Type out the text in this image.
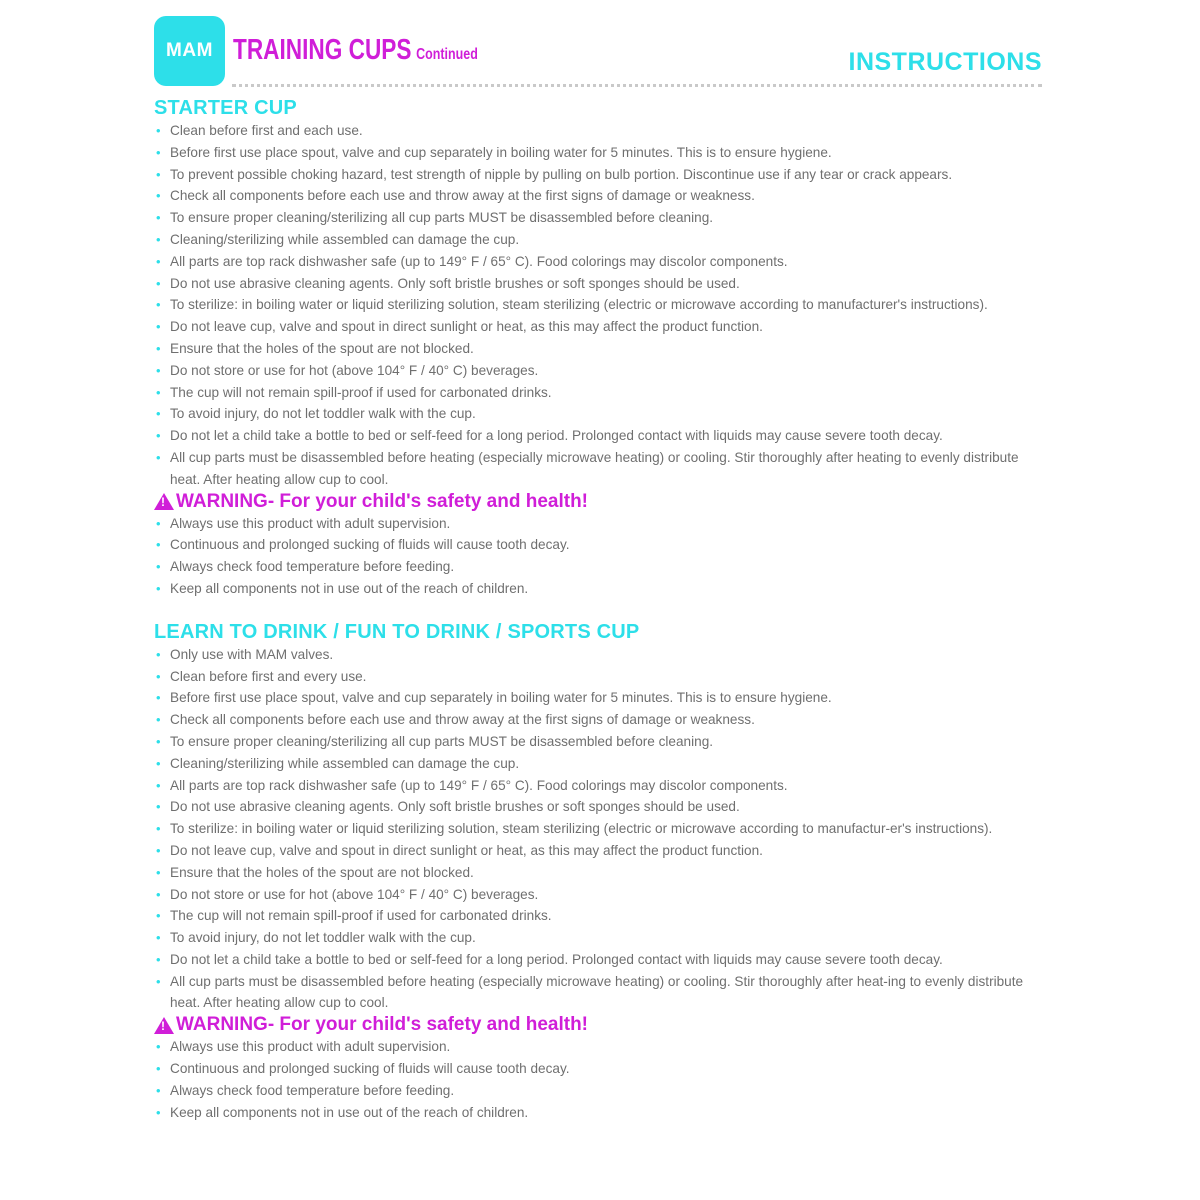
MAM TRAINING CUPS Continued	INSTRUCTIONS
STARTER CUP
• Clean before first and each use.
• Before first use place spout, valve and cup separately in boiling water for 5 minutes. This is to ensure hygiene.
• To prevent possible choking hazard, test strength of nipple by pulling on bulb portion. Discontinue use if any tear or crack appears.
• Check all components before each use and throw away at the first signs of damage or weakness.
• To ensure proper cleaning/sterilizing all cup parts MUST be disassembled before cleaning.
• Cleaning/sterilizing while assembled can damage the cup.
• All parts are top rack dishwasher safe (up to 149° F / 65° C). Food colorings may discolor components.
• Do not use abrasive cleaning agents. Only soft bristle brushes or soft sponges should be used.
• To sterilize: in boiling water or liquid sterilizing solution, steam sterilizing (electric or microwave according to manufacturer's instructions).
• Do not leave cup, valve and spout in direct sunlight or heat, as this may affect the product function.
• Ensure that the holes of the spout are not blocked.
• Do not store or use for hot (above 104° F / 40° C) beverages.
• The cup will not remain spill-proof if used for carbonated drinks.
• To avoid injury, do not let toddler walk with the cup.
• Do not let a child take a bottle to bed or self-feed for a long period. Prolonged contact with liquids may cause severe tooth decay.
• All cup parts must be disassembled before heating (especially microwave heating) or cooling. Stir thoroughly after heating to evenly distribute heat. After heating allow cup to cool.
!
WARNING- For your child's safety and health!
• Always use this product with adult supervision.
• Continuous and prolonged sucking of fluids will cause tooth decay.
• Always check food temperature before feeding.
• Keep all components not in use out of the reach of children.
LEARN TO DRINK / FUN TO DRINK / SPORTS CUP
• Only use with MAM valves.
• Clean before first and every use.
• Before first use place spout, valve and cup separately in boiling water for 5 minutes. This is to ensure hygiene.
• Check all components before each use and throw away at the first signs of damage or weakness.
• To ensure proper cleaning/sterilizing all cup parts MUST be disassembled before cleaning.
• Cleaning/sterilizing while assembled can damage the cup.
• All parts are top rack dishwasher safe (up to 149° F / 65° C). Food colorings may discolor components.
• Do not use abrasive cleaning agents. Only soft bristle brushes or soft sponges should be used.
• To sterilize: in boiling water or liquid sterilizing solution, steam sterilizing (electric or microwave according to manufactur-er's instructions).
• Do not leave cup, valve and spout in direct sunlight or heat, as this may affect the product function.
• Ensure that the holes of the spout are not blocked.
• Do not store or use for hot (above 104° F / 40° C) beverages.
• The cup will not remain spill-proof if used for carbonated drinks.
• To avoid injury, do not let toddler walk with the cup.
• Do not let a child take a bottle to bed or self-feed for a long period. Prolonged contact with liquids may cause severe tooth decay.
• All cup parts must be disassembled before heating (especially microwave heating) or cooling. Stir thoroughly after heat-ing to evenly distribute heat. After heating allow cup to cool.
!
WARNING- For your child's safety and health!
• Always use this product with adult supervision.
• Continuous and prolonged sucking of fluids will cause tooth decay.
• Always check food temperature before feeding.
• Keep all components not in use out of the reach of children.
